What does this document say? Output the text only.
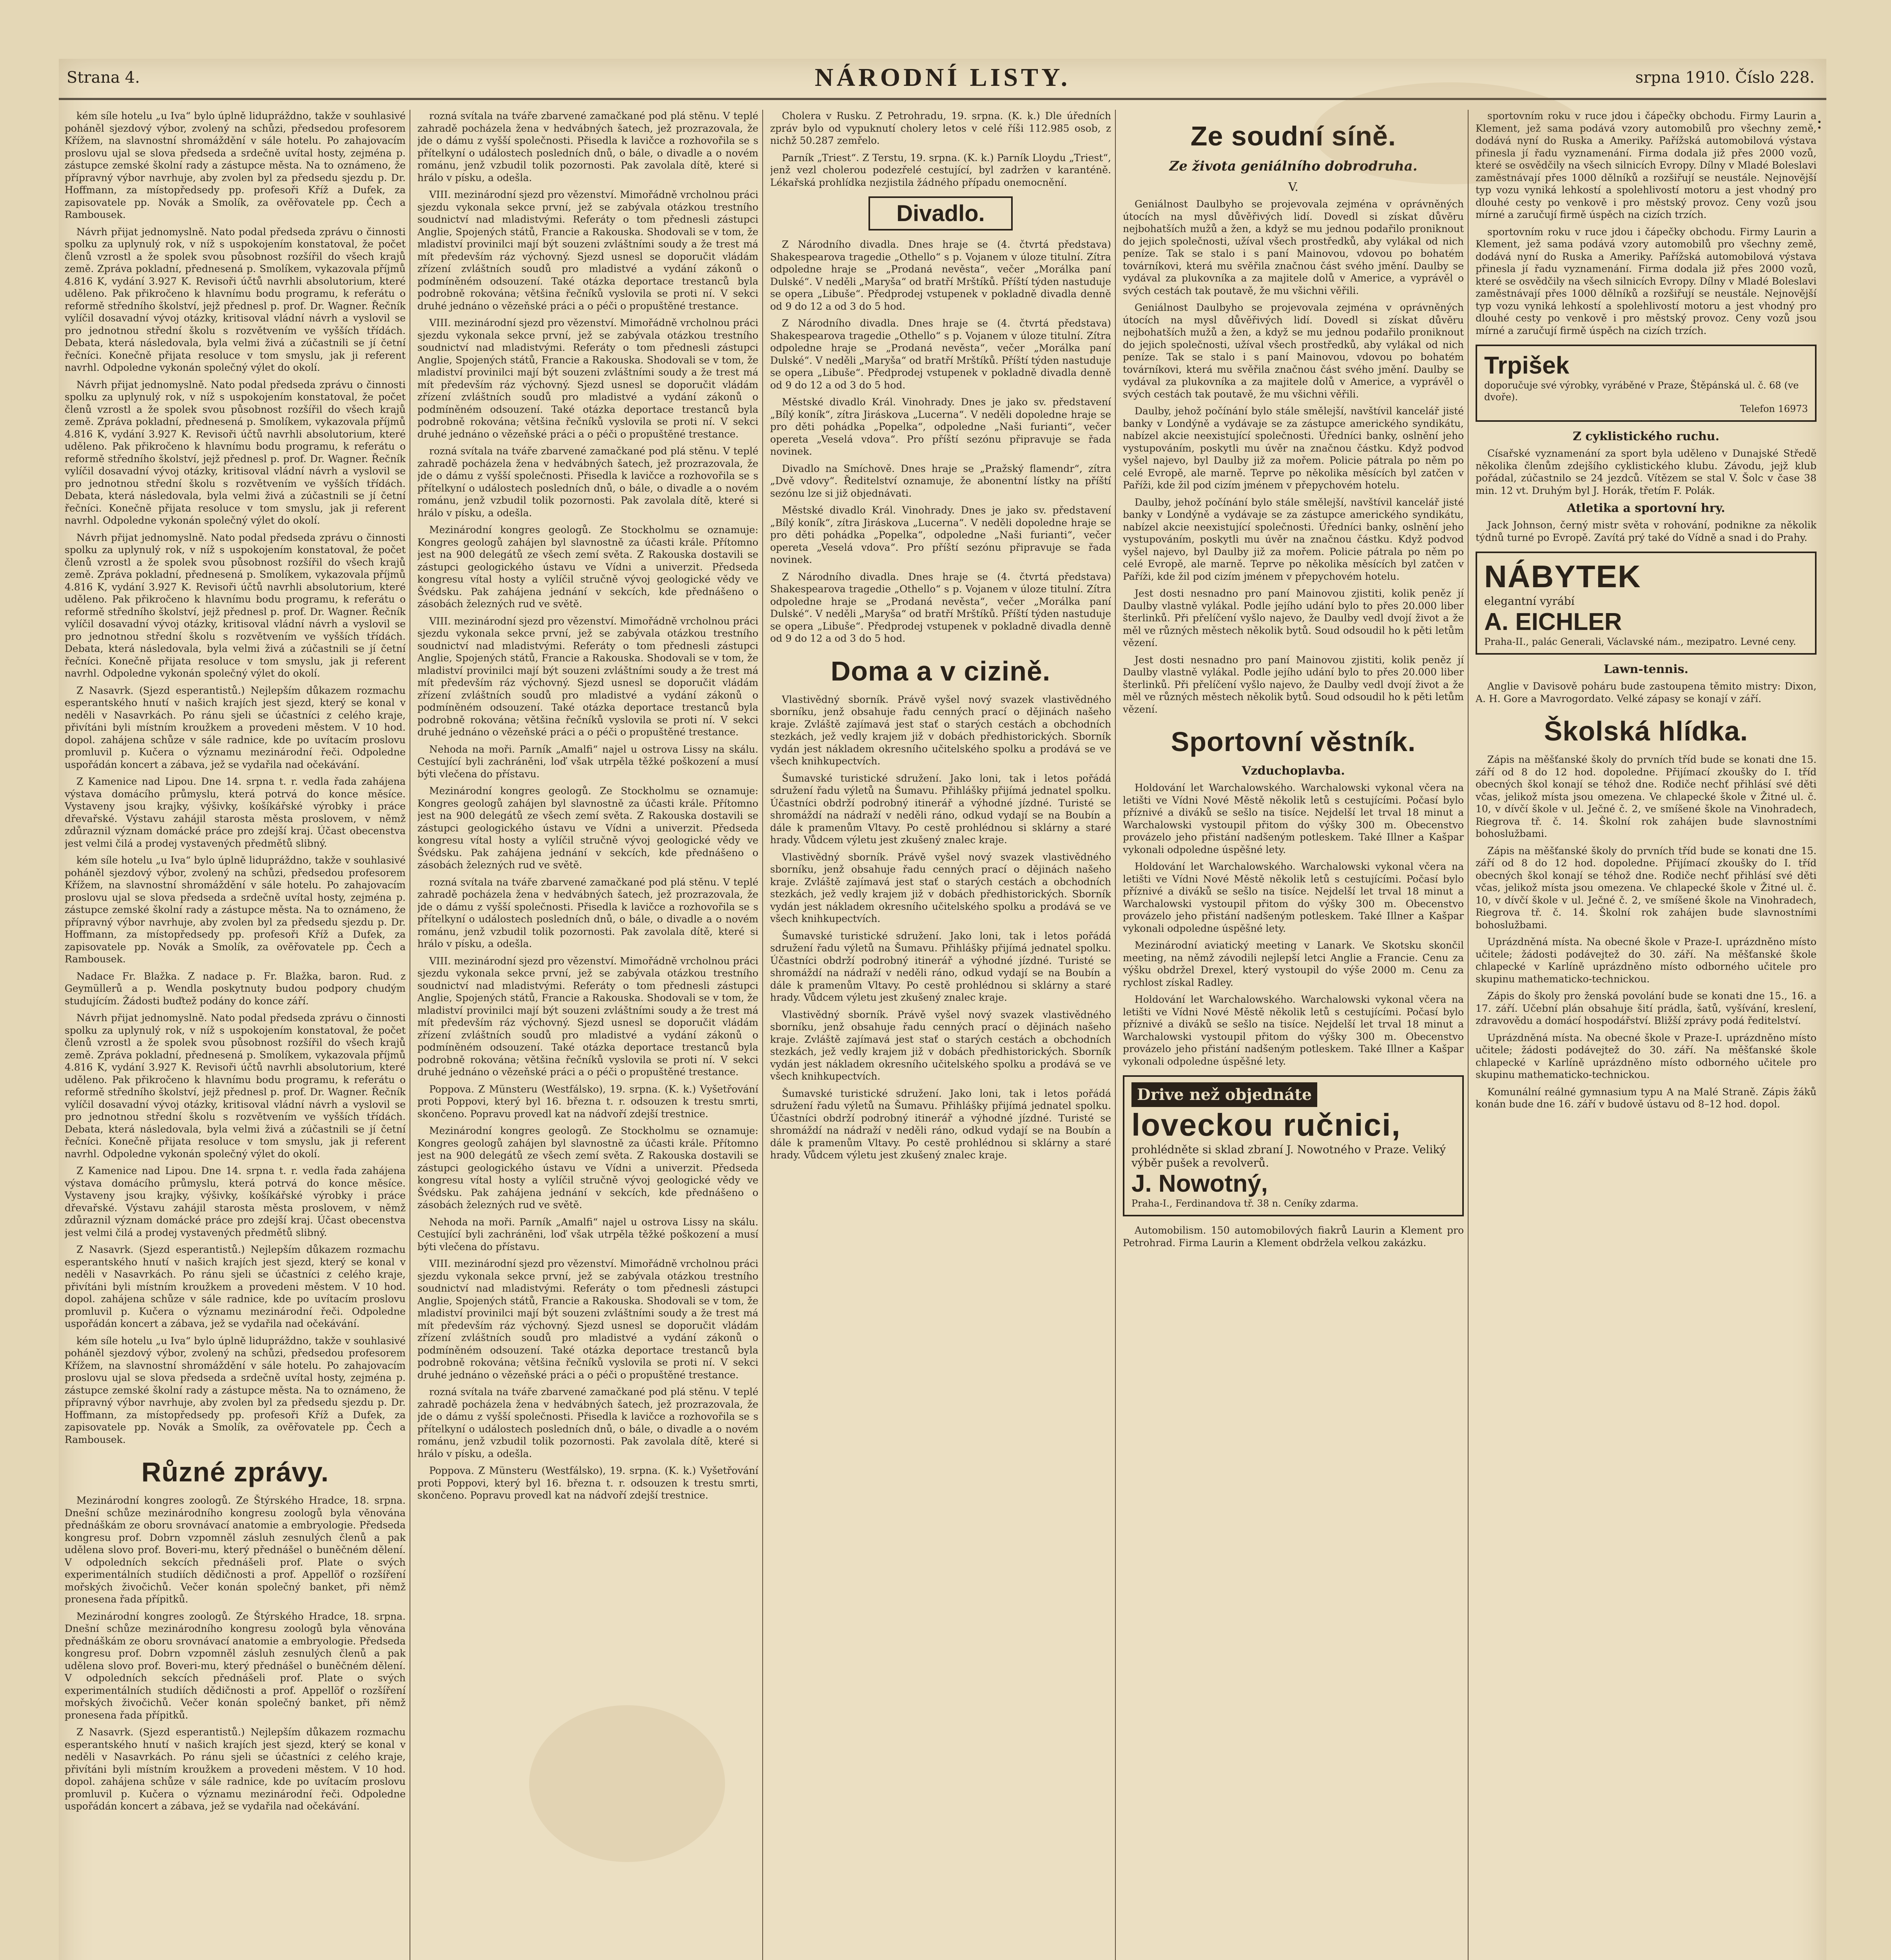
Strana 4.	NÁRODNÍ LISTY.	srpna 1910. Číslo 228.
:

kém síle hotelu „u Iva“ bylo úplně lidupráždno, takže v souhlasivé poháněl sjezdový výbor, zvolený na schůzi, předsedou profesorem Křížem, na slavnostní shromáždění v sále hotelu. Po zahajovacím proslovu ujal se slova předseda a srdečně uvítal hosty, zejména p. zástupce zemské školní rady a zástupce města. Na to oznámeno, že přípravný výbor navrhuje, aby zvolen byl za předsedu sjezdu p. Dr. Hoffmann, za místopředsedy pp. profesoři Kříž a Dufek, za zapisovatele pp. Novák a Smolík, za ověřovatele pp. Čech a Rambousek.

Návrh přijat jednomyslně. Nato podal předseda zprávu o činnosti spolku za uplynulý rok, v níž s uspokojením konstatoval, že počet členů vzrostl a že spolek svou působnost rozšířil do všech krajů země. Zpráva pokladní, přednesená p. Smolíkem, vykazovala příjmů 4.816 K, vydání 3.927 K. Revisoři účtů navrhli absolutorium, které uděleno. Pak přikročeno k hlavnímu bodu programu, k referátu o reformě středního školství, jejž přednesl p. prof. Dr. Wagner. Řečník vylíčil dosavadní vývoj otázky, kritisoval vládní návrh a vyslovil se pro jednotnou střední školu s rozvětvením ve vyšších třídách. Debata, která následovala, byla velmi živá a zúčastnili se jí četní řečníci. Konečně přijata resoluce v tom smyslu, jak ji referent navrhl. Odpoledne vykonán společný výlet do okolí.

Návrh přijat jednomyslně. Nato podal předseda zprávu o činnosti spolku za uplynulý rok, v níž s uspokojením konstatoval, že počet členů vzrostl a že spolek svou působnost rozšířil do všech krajů země. Zpráva pokladní, přednesená p. Smolíkem, vykazovala příjmů 4.816 K, vydání 3.927 K. Revisoři účtů navrhli absolutorium, které uděleno. Pak přikročeno k hlavnímu bodu programu, k referátu o reformě středního školství, jejž přednesl p. prof. Dr. Wagner. Řečník vylíčil dosavadní vývoj otázky, kritisoval vládní návrh a vyslovil se pro jednotnou střední školu s rozvětvením ve vyšších třídách. Debata, která následovala, byla velmi živá a zúčastnili se jí četní řečníci. Konečně přijata resoluce v tom smyslu, jak ji referent navrhl. Odpoledne vykonán společný výlet do okolí.

Návrh přijat jednomyslně. Nato podal předseda zprávu o činnosti spolku za uplynulý rok, v níž s uspokojením konstatoval, že počet členů vzrostl a že spolek svou působnost rozšířil do všech krajů země. Zpráva pokladní, přednesená p. Smolíkem, vykazovala příjmů 4.816 K, vydání 3.927 K. Revisoři účtů navrhli absolutorium, které uděleno. Pak přikročeno k hlavnímu bodu programu, k referátu o reformě středního školství, jejž přednesl p. prof. Dr. Wagner. Řečník vylíčil dosavadní vývoj otázky, kritisoval vládní návrh a vyslovil se pro jednotnou střední školu s rozvětvením ve vyšších třídách. Debata, která následovala, byla velmi živá a zúčastnili se jí četní řečníci. Konečně přijata resoluce v tom smyslu, jak ji referent navrhl. Odpoledne vykonán společný výlet do okolí.

Z Nasavrk. (Sjezd esperantistů.) Nejlepším důkazem rozmachu esperantského hnutí v našich krajích jest sjezd, který se konal v neděli v Nasavrkách. Po ránu sjeli se účastníci z celého kraje, přivítáni byli místním kroužkem a provedeni městem. V 10 hod. dopol. zahájena schůze v sále radnice, kde po uvítacím proslovu promluvil p. Kučera o významu mezinárodní řeči. Odpoledne uspořádán koncert a zábava, jež se vydařila nad očekávání.

Z Kamenice nad Lipou. Dne 14. srpna t. r. vedla řada zahájena výstava domácího průmyslu, která potrvá do konce měsíce. Vystaveny jsou krajky, výšivky, košíkářské výrobky i práce dřevařské. Výstavu zahájil starosta města proslovem, v němž zdůraznil význam domácké práce pro zdejší kraj. Účast obecenstva jest velmi čilá a prodej vystavených předmětů slibný.

kém síle hotelu „u Iva“ bylo úplně lidupráždno, takže v souhlasivé poháněl sjezdový výbor, zvolený na schůzi, předsedou profesorem Křížem, na slavnostní shromáždění v sále hotelu. Po zahajovacím proslovu ujal se slova předseda a srdečně uvítal hosty, zejména p. zástupce zemské školní rady a zástupce města. Na to oznámeno, že přípravný výbor navrhuje, aby zvolen byl za předsedu sjezdu p. Dr. Hoffmann, za místopředsedy pp. profesoři Kříž a Dufek, za zapisovatele pp. Novák a Smolík, za ověřovatele pp. Čech a Rambousek.

Nadace Fr. Blažka. Z nadace p. Fr. Blažka, baron. Rud. z Geymüllerů a p. Wendla poskytnuty budou podpory chudým studujícím. Žádosti buďtež podány do konce září.

Návrh přijat jednomyslně. Nato podal předseda zprávu o činnosti spolku za uplynulý rok, v níž s uspokojením konstatoval, že počet členů vzrostl a že spolek svou působnost rozšířil do všech krajů země. Zpráva pokladní, přednesená p. Smolíkem, vykazovala příjmů 4.816 K, vydání 3.927 K. Revisoři účtů navrhli absolutorium, které uděleno. Pak přikročeno k hlavnímu bodu programu, k referátu o reformě středního školství, jejž přednesl p. prof. Dr. Wagner. Řečník vylíčil dosavadní vývoj otázky, kritisoval vládní návrh a vyslovil se pro jednotnou střední školu s rozvětvením ve vyšších třídách. Debata, která následovala, byla velmi živá a zúčastnili se jí četní řečníci. Konečně přijata resoluce v tom smyslu, jak ji referent navrhl. Odpoledne vykonán společný výlet do okolí.

Z Kamenice nad Lipou. Dne 14. srpna t. r. vedla řada zahájena výstava domácího průmyslu, která potrvá do konce měsíce. Vystaveny jsou krajky, výšivky, košíkářské výrobky i práce dřevařské. Výstavu zahájil starosta města proslovem, v němž zdůraznil význam domácké práce pro zdejší kraj. Účast obecenstva jest velmi čilá a prodej vystavených předmětů slibný.

Z Nasavrk. (Sjezd esperantistů.) Nejlepším důkazem rozmachu esperantského hnutí v našich krajích jest sjezd, který se konal v neděli v Nasavrkách. Po ránu sjeli se účastníci z celého kraje, přivítáni byli místním kroužkem a provedeni městem. V 10 hod. dopol. zahájena schůze v sále radnice, kde po uvítacím proslovu promluvil p. Kučera o významu mezinárodní řeči. Odpoledne uspořádán koncert a zábava, jež se vydařila nad očekávání.

kém síle hotelu „u Iva“ bylo úplně lidupráždno, takže v souhlasivé poháněl sjezdový výbor, zvolený na schůzi, předsedou profesorem Křížem, na slavnostní shromáždění v sále hotelu. Po zahajovacím proslovu ujal se slova předseda a srdečně uvítal hosty, zejména p. zástupce zemské školní rady a zástupce města. Na to oznámeno, že přípravný výbor navrhuje, aby zvolen byl za předsedu sjezdu p. Dr. Hoffmann, za místopředsedy pp. profesoři Kříž a Dufek, za zapisovatele pp. Novák a Smolík, za ověřovatele pp. Čech a Rambousek.

Různé zprávy.

Mezinárodní kongres zoologů. Ze Štýrského Hradce, 18. srpna. Dnešní schůze mezinárodního kongresu zoologů byla věnována přednáškám ze oboru srovnávací anatomie a embryologie. Předseda kongresu prof. Dobrn vzpomněl zásluh zesnulých členů a pak udělena slovo prof. Boveri-mu, který přednášel o buněčném dělení. V odpoledních sekcích přednášeli prof. Plate o svých experimentálních studiích dědičnosti a prof. Appellöf o rozšíření mořských živočichů. Večer konán společný banket, při němž pronesena řada přípitků.

Mezinárodní kongres zoologů. Ze Štýrského Hradce, 18. srpna. Dnešní schůze mezinárodního kongresu zoologů byla věnována přednáškám ze oboru srovnávací anatomie a embryologie. Předseda kongresu prof. Dobrn vzpomněl zásluh zesnulých členů a pak udělena slovo prof. Boveri-mu, který přednášel o buněčném dělení. V odpoledních sekcích přednášeli prof. Plate o svých experimentálních studiích dědičnosti a prof. Appellöf o rozšíření mořských živočichů. Večer konán společný banket, při němž pronesena řada přípitků.

Z Nasavrk. (Sjezd esperantistů.) Nejlepším důkazem rozmachu esperantského hnutí v našich krajích jest sjezd, který se konal v neděli v Nasavrkách. Po ránu sjeli se účastníci z celého kraje, přivítáni byli místním kroužkem a provedeni městem. V 10 hod. dopol. zahájena schůze v sále radnice, kde po uvítacím proslovu promluvil p. Kučera o významu mezinárodní řeči. Odpoledne uspořádán koncert a zábava, jež se vydařila nad očekávání.

rozná svítala na tváře zbarvené zamačkané pod plá stěnu. V teplé zahradě pocházela žena v hedvábných šatech, jež prozrazovala, že jde o dámu z vyšší společnosti. Přisedla k lavičce a rozhovořila se s přítelkyní o událostech posledních dnů, o bále, o divadle a o novém románu, jenž vzbudil tolik pozornosti. Pak zavolala dítě, které si hrálo v písku, a odešla.

VIII. mezinárodní sjezd pro vězenství. Mimořádně vrcholnou práci sjezdu vykonala sekce první, jež se zabývala otázkou trestního soudnictví nad mladistvými. Referáty o tom přednesli zástupci Anglie, Spojených států, Francie a Rakouska. Shodovali se v tom, že mladiství provinilci mají být souzeni zvláštními soudy a že trest má mít především ráz výchovný. Sjezd usnesl se doporučit vládám zřízení zvláštních soudů pro mladistvé a vydání zákonů o podmíněném odsouzení. Také otázka deportace trestanců byla podrobně rokována; většina řečníků vyslovila se proti ní. V sekci druhé jednáno o vězeňské práci a o péči o propuštěné trestance.

VIII. mezinárodní sjezd pro vězenství. Mimořádně vrcholnou práci sjezdu vykonala sekce první, jež se zabývala otázkou trestního soudnictví nad mladistvými. Referáty o tom přednesli zástupci Anglie, Spojených států, Francie a Rakouska. Shodovali se v tom, že mladiství provinilci mají být souzeni zvláštními soudy a že trest má mít především ráz výchovný. Sjezd usnesl se doporučit vládám zřízení zvláštních soudů pro mladistvé a vydání zákonů o podmíněném odsouzení. Také otázka deportace trestanců byla podrobně rokována; většina řečníků vyslovila se proti ní. V sekci druhé jednáno o vězeňské práci a o péči o propuštěné trestance.

rozná svítala na tváře zbarvené zamačkané pod plá stěnu. V teplé zahradě pocházela žena v hedvábných šatech, jež prozrazovala, že jde o dámu z vyšší společnosti. Přisedla k lavičce a rozhovořila se s přítelkyní o událostech posledních dnů, o bále, o divadle a o novém románu, jenž vzbudil tolik pozornosti. Pak zavolala dítě, které si hrálo v písku, a odešla.

Mezinárodní kongres geologů. Ze Stockholmu se oznamuje: Kongres geologů zahájen byl slavnostně za účasti krále. Přítomno jest na 900 delegátů ze všech zemí světa. Z Rakouska dostavili se zástupci geologického ústavu ve Vídni a univerzit. Předseda kongresu vítal hosty a vylíčil stručně vývoj geologické vědy ve Švédsku. Pak zahájena jednání v sekcích, kde přednášeno o zásobách železných rud ve světě.

VIII. mezinárodní sjezd pro vězenství. Mimořádně vrcholnou práci sjezdu vykonala sekce první, jež se zabývala otázkou trestního soudnictví nad mladistvými. Referáty o tom přednesli zástupci Anglie, Spojených států, Francie a Rakouska. Shodovali se v tom, že mladiství provinilci mají být souzeni zvláštními soudy a že trest má mít především ráz výchovný. Sjezd usnesl se doporučit vládám zřízení zvláštních soudů pro mladistvé a vydání zákonů o podmíněném odsouzení. Také otázka deportace trestanců byla podrobně rokována; většina řečníků vyslovila se proti ní. V sekci druhé jednáno o vězeňské práci a o péči o propuštěné trestance.

Nehoda na moři. Parník „Amalfi“ najel u ostrova Lissy na skálu. Cestující byli zachráněni, loď však utrpěla těžké poškození a musí býti vlečena do přístavu.

Mezinárodní kongres geologů. Ze Stockholmu se oznamuje: Kongres geologů zahájen byl slavnostně za účasti krále. Přítomno jest na 900 delegátů ze všech zemí světa. Z Rakouska dostavili se zástupci geologického ústavu ve Vídni a univerzit. Předseda kongresu vítal hosty a vylíčil stručně vývoj geologické vědy ve Švédsku. Pak zahájena jednání v sekcích, kde přednášeno o zásobách železných rud ve světě.

rozná svítala na tváře zbarvené zamačkané pod plá stěnu. V teplé zahradě pocházela žena v hedvábných šatech, jež prozrazovala, že jde o dámu z vyšší společnosti. Přisedla k lavičce a rozhovořila se s přítelkyní o událostech posledních dnů, o bále, o divadle a o novém románu, jenž vzbudil tolik pozornosti. Pak zavolala dítě, které si hrálo v písku, a odešla.

VIII. mezinárodní sjezd pro vězenství. Mimořádně vrcholnou práci sjezdu vykonala sekce první, jež se zabývala otázkou trestního soudnictví nad mladistvými. Referáty o tom přednesli zástupci Anglie, Spojených států, Francie a Rakouska. Shodovali se v tom, že mladiství provinilci mají být souzeni zvláštními soudy a že trest má mít především ráz výchovný. Sjezd usnesl se doporučit vládám zřízení zvláštních soudů pro mladistvé a vydání zákonů o podmíněném odsouzení. Také otázka deportace trestanců byla podrobně rokována; většina řečníků vyslovila se proti ní. V sekci druhé jednáno o vězeňské práci a o péči o propuštěné trestance.

Poppova. Z Münsteru (Westfálsko), 19. srpna. (K. k.) Vyšetřování proti Poppovi, který byl 16. března t. r. odsouzen k trestu smrti, skončeno. Popravu provedl kat na nádvoří zdejší trestnice.

Mezinárodní kongres geologů. Ze Stockholmu se oznamuje: Kongres geologů zahájen byl slavnostně za účasti krále. Přítomno jest na 900 delegátů ze všech zemí světa. Z Rakouska dostavili se zástupci geologického ústavu ve Vídni a univerzit. Předseda kongresu vítal hosty a vylíčil stručně vývoj geologické vědy ve Švédsku. Pak zahájena jednání v sekcích, kde přednášeno o zásobách železných rud ve světě.

Nehoda na moři. Parník „Amalfi“ najel u ostrova Lissy na skálu. Cestující byli zachráněni, loď však utrpěla těžké poškození a musí býti vlečena do přístavu.

VIII. mezinárodní sjezd pro vězenství. Mimořádně vrcholnou práci sjezdu vykonala sekce první, jež se zabývala otázkou trestního soudnictví nad mladistvými. Referáty o tom přednesli zástupci Anglie, Spojených států, Francie a Rakouska. Shodovali se v tom, že mladiství provinilci mají být souzeni zvláštními soudy a že trest má mít především ráz výchovný. Sjezd usnesl se doporučit vládám zřízení zvláštních soudů pro mladistvé a vydání zákonů o podmíněném odsouzení. Také otázka deportace trestanců byla podrobně rokována; většina řečníků vyslovila se proti ní. V sekci druhé jednáno o vězeňské práci a o péči o propuštěné trestance.

rozná svítala na tváře zbarvené zamačkané pod plá stěnu. V teplé zahradě pocházela žena v hedvábných šatech, jež prozrazovala, že jde o dámu z vyšší společnosti. Přisedla k lavičce a rozhovořila se s přítelkyní o událostech posledních dnů, o bále, o divadle a o novém románu, jenž vzbudil tolik pozornosti. Pak zavolala dítě, které si hrálo v písku, a odešla.

Poppova. Z Münsteru (Westfálsko), 19. srpna. (K. k.) Vyšetřování proti Poppovi, který byl 16. března t. r. odsouzen k trestu smrti, skončeno. Popravu provedl kat na nádvoří zdejší trestnice.

Cholera v Rusku. Z Petrohradu, 19. srpna. (K. k.) Dle úředních zpráv bylo od vypuknutí cholery letos v celé říši 112.985 osob, z nichž 50.287 zemřelo.

Parník „Triest“. Z Terstu, 19. srpna. (K. k.) Parník Lloydu „Triest“, jenž vezl cholerou podezřelé cestující, byl zadržen v karanténě. Lékařská prohlídka nezjistila žádného případu onemocnění.

Divadlo.

Z Národního divadla. Dnes hraje se (4. čtvrtá představa) Shakespearova tragedie „Othello“ s p. Vojanem v úloze titulní. Zítra odpoledne hraje se „Prodaná nevěsta“, večer „Morálka paní Dulské“. V neděli „Maryša“ od bratří Mrštíků. Příští týden nastuduje se opera „Libuše“. Předprodej vstupenek v pokladně divadla denně od 9 do 12 a od 3 do 5 hod.

Z Národního divadla. Dnes hraje se (4. čtvrtá představa) Shakespearova tragedie „Othello“ s p. Vojanem v úloze titulní. Zítra odpoledne hraje se „Prodaná nevěsta“, večer „Morálka paní Dulské“. V neděli „Maryša“ od bratří Mrštíků. Příští týden nastuduje se opera „Libuše“. Předprodej vstupenek v pokladně divadla denně od 9 do 12 a od 3 do 5 hod.

Městské divadlo Král. Vinohrady. Dnes je jako sv. představení „Bílý koník“, zítra Jiráskova „Lucerna“. V neděli dopoledne hraje se pro děti pohádka „Popelka“, odpoledne „Naši furianti“, večer opereta „Veselá vdova“. Pro příští sezónu připravuje se řada novinek.

Divadlo na Smíchově. Dnes hraje se „Pražský flamendr“, zítra „Dvě vdovy“. Ředitelství oznamuje, že abonentní lístky na příští sezónu lze si již objednávati.

Městské divadlo Král. Vinohrady. Dnes je jako sv. představení „Bílý koník“, zítra Jiráskova „Lucerna“. V neděli dopoledne hraje se pro děti pohádka „Popelka“, odpoledne „Naši furianti“, večer opereta „Veselá vdova“. Pro příští sezónu připravuje se řada novinek.

Z Národního divadla. Dnes hraje se (4. čtvrtá představa) Shakespearova tragedie „Othello“ s p. Vojanem v úloze titulní. Zítra odpoledne hraje se „Prodaná nevěsta“, večer „Morálka paní Dulské“. V neděli „Maryša“ od bratří Mrštíků. Příští týden nastuduje se opera „Libuše“. Předprodej vstupenek v pokladně divadla denně od 9 do 12 a od 3 do 5 hod.

Doma a v cizině.

Vlastivědný sborník. Právě vyšel nový svazek vlastivědného sborníku, jenž obsahuje řadu cenných prací o dějinách našeho kraje. Zvláště zajímavá jest stať o starých cestách a obchodních stezkách, jež vedly krajem již v dobách předhistorických. Sborník vydán jest nákladem okresního učitelského spolku a prodává se ve všech knihkupectvích.

Šumavské turistické sdružení. Jako loni, tak i letos pořádá sdružení řadu výletů na Šumavu. Přihlášky přijímá jednatel spolku. Účastníci obdrží podrobný itinerář a výhodné jízdné. Turisté se shromáždí na nádraží v neděli ráno, odkud vydají se na Boubín a dále k pramenům Vltavy. Po cestě prohlédnou si sklárny a staré hrady. Vůdcem výletu jest zkušený znalec kraje.

Vlastivědný sborník. Právě vyšel nový svazek vlastivědného sborníku, jenž obsahuje řadu cenných prací o dějinách našeho kraje. Zvláště zajímavá jest stať o starých cestách a obchodních stezkách, jež vedly krajem již v dobách předhistorických. Sborník vydán jest nákladem okresního učitelského spolku a prodává se ve všech knihkupectvích.

Šumavské turistické sdružení. Jako loni, tak i letos pořádá sdružení řadu výletů na Šumavu. Přihlášky přijímá jednatel spolku. Účastníci obdrží podrobný itinerář a výhodné jízdné. Turisté se shromáždí na nádraží v neděli ráno, odkud vydají se na Boubín a dále k pramenům Vltavy. Po cestě prohlédnou si sklárny a staré hrady. Vůdcem výletu jest zkušený znalec kraje.

Vlastivědný sborník. Právě vyšel nový svazek vlastivědného sborníku, jenž obsahuje řadu cenných prací o dějinách našeho kraje. Zvláště zajímavá jest stať o starých cestách a obchodních stezkách, jež vedly krajem již v dobách předhistorických. Sborník vydán jest nákladem okresního učitelského spolku a prodává se ve všech knihkupectvích.

Šumavské turistické sdružení. Jako loni, tak i letos pořádá sdružení řadu výletů na Šumavu. Přihlášky přijímá jednatel spolku. Účastníci obdrží podrobný itinerář a výhodné jízdné. Turisté se shromáždí na nádraží v neděli ráno, odkud vydají se na Boubín a dále k pramenům Vltavy. Po cestě prohlédnou si sklárny a staré hrady. Vůdcem výletu jest zkušený znalec kraje.

Ze soudní síně.
Ze života geniálního dobrodruha.
V.

Geniálnost Daulbyho se projevovala zejména v oprávněných útocích na mysl důvěřivých lidí. Dovedl si získat důvěru nejbohatších mužů a žen, a když se mu jednou podařilo proniknout do jejich společnosti, užíval všech prostředků, aby vylákal od nich peníze. Tak se stalo i s paní Mainovou, vdovou po bohatém továrníkovi, která mu svěřila značnou část svého jmění. Daulby se vydával za plukovníka a za majitele dolů v Americe, a vyprávěl o svých cestách tak poutavě, že mu všichni věřili.

Geniálnost Daulbyho se projevovala zejména v oprávněných útocích na mysl důvěřivých lidí. Dovedl si získat důvěru nejbohatších mužů a žen, a když se mu jednou podařilo proniknout do jejich společnosti, užíval všech prostředků, aby vylákal od nich peníze. Tak se stalo i s paní Mainovou, vdovou po bohatém továrníkovi, která mu svěřila značnou část svého jmění. Daulby se vydával za plukovníka a za majitele dolů v Americe, a vyprávěl o svých cestách tak poutavě, že mu všichni věřili.

Daulby, jehož počínání bylo stále smělejší, navštívil kancelář jisté banky v Londýně a vydávaje se za zástupce amerického syndikátu, nabízel akcie neexistující společnosti. Úředníci banky, oslnění jeho vystupováním, poskytli mu úvěr na značnou částku. Když podvod vyšel najevo, byl Daulby již za mořem. Policie pátrala po něm po celé Evropě, ale marně. Teprve po několika měsících byl zatčen v Paříži, kde žil pod cizím jménem v přepychovém hotelu.

Daulby, jehož počínání bylo stále smělejší, navštívil kancelář jisté banky v Londýně a vydávaje se za zástupce amerického syndikátu, nabízel akcie neexistující společnosti. Úředníci banky, oslnění jeho vystupováním, poskytli mu úvěr na značnou částku. Když podvod vyšel najevo, byl Daulby již za mořem. Policie pátrala po něm po celé Evropě, ale marně. Teprve po několika měsících byl zatčen v Paříži, kde žil pod cizím jménem v přepychovém hotelu.

Jest dosti nesnadno pro paní Mainovou zjistiti, kolik peněz jí Daulby vlastně vylákal. Podle jejího udání bylo to přes 20.000 liber šterlinků. Při přelíčení vyšlo najevo, že Daulby vedl dvojí život a že měl ve různých městech několik bytů. Soud odsoudil ho k pěti letům vězení.

Jest dosti nesnadno pro paní Mainovou zjistiti, kolik peněz jí Daulby vlastně vylákal. Podle jejího udání bylo to přes 20.000 liber šterlinků. Při přelíčení vyšlo najevo, že Daulby vedl dvojí život a že měl ve různých městech několik bytů. Soud odsoudil ho k pěti letům vězení.

Sportovní věstník.
Vzduchoplavba.

Holdování let Warchalowského. Warchalowski vykonal včera na letišti ve Vídni Nové Městě několik letů s cestujícími. Počasí bylo příznivé a diváků se sešlo na tisíce. Nejdelší let trval 18 minut a Warchalowski vystoupil přitom do výšky 300 m. Obecenstvo provázelo jeho přistání nadšeným potleskem. Také Illner a Kašpar vykonali odpoledne úspěšné lety.

Holdování let Warchalowského. Warchalowski vykonal včera na letišti ve Vídni Nové Městě několik letů s cestujícími. Počasí bylo příznivé a diváků se sešlo na tisíce. Nejdelší let trval 18 minut a Warchalowski vystoupil přitom do výšky 300 m. Obecenstvo provázelo jeho přistání nadšeným potleskem. Také Illner a Kašpar vykonali odpoledne úspěšné lety.

Mezinárodní aviatický meeting v Lanark. Ve Skotsku skončil meeting, na němž závodili nejlepší letci Anglie a Francie. Cenu za výšku obdržel Drexel, který vystoupil do výše 2000 m. Cenu za rychlost získal Radley.

Holdování let Warchalowského. Warchalowski vykonal včera na letišti ve Vídni Nové Městě několik letů s cestujícími. Počasí bylo příznivé a diváků se sešlo na tisíce. Nejdelší let trval 18 minut a Warchalowski vystoupil přitom do výšky 300 m. Obecenstvo provázelo jeho přistání nadšeným potleskem. Také Illner a Kašpar vykonali odpoledne úspěšné lety.

Drive než objednáte loveckou ručnici,
prohlédněte si sklad zbraní J. Nowotného v Praze. Veliký výběr pušek a revolverů.
J. Nowotný,
Praha-I., Ferdinandova tř. 38 n. Ceníky zdarma.

Automobilism. 150 automobilových fiakrů Laurin a Klement pro Petrohrad. Firma Laurin a Klement obdržela velkou zakázku.

sportovním roku v ruce jdou i čápečky obchodu. Firmy Laurin a Klement, jež sama podává vzory automobilů pro všechny země, dodává nyní do Ruska a Ameriky. Pařížská automobilová výstava přinesla jí řadu vyznamenání. Firma dodala již přes 2000 vozů, které se osvědčily na všech silnicích Evropy. Dílny v Mladé Boleslavi zaměstnávají přes 1000 dělníků a rozšiřují se neustále. Nejnovější typ vozu vyniká lehkostí a spolehlivostí motoru a jest vhodný pro dlouhé cesty po venkově i pro městský provoz. Ceny vozů jsou mírné a zaručují firmě úspěch na cizích trzích.

sportovním roku v ruce jdou i čápečky obchodu. Firmy Laurin a Klement, jež sama podává vzory automobilů pro všechny země, dodává nyní do Ruska a Ameriky. Pařížská automobilová výstava přinesla jí řadu vyznamenání. Firma dodala již přes 2000 vozů, které se osvědčily na všech silnicích Evropy. Dílny v Mladé Boleslavi zaměstnávají přes 1000 dělníků a rozšiřují se neustále. Nejnovější typ vozu vyniká lehkostí a spolehlivostí motoru a jest vhodný pro dlouhé cesty po venkově i pro městský provoz. Ceny vozů jsou mírné a zaručují firmě úspěch na cizích trzích.

Trpišek
doporučuje své výrobky, vyráběné v Praze, Štěpánská ul. č. 68 (ve dvoře).
Telefon 16973
Z cyklistického ruchu.

Císařské vyznamenání za sport byla uděleno v Dunajské Středě několika členům zdejšího cyklistického klubu. Závodu, jejž klub pořádal, zúčastnilo se 24 jezdců. Vítězem se stal V. Šolc v čase 38 min. 12 vt. Druhým byl J. Horák, třetím F. Polák.

Atletika a sportovní hry.

Jack Johnson, černý mistr světa v rohování, podnikne za několik týdnů turné po Evropě. Zavítá prý také do Vídně a snad i do Prahy.

NÁBYTEK
elegantní vyrábí
A. EICHLER
Praha-II., palác Generali, Václavské nám., mezipatro. Levné ceny.
Lawn-tennis.

Anglie v Davisově poháru bude zastoupena těmito mistry: Dixon, A. H. Gore a Mavrogordato. Velké zápasy se konají v září.

Školská hlídka.

Zápis na měšťanské školy do prvních tříd bude se konati dne 15. září od 8 do 12 hod. dopoledne. Přijímací zkoušky do I. tříd obecných škol konají se téhož dne. Rodiče nechť přihlásí své děti včas, jelikož místa jsou omezena. Ve chlapecké škole v Žitné ul. č. 10, v dívčí škole v ul. Ječné č. 2, ve smíšené škole na Vinohradech, Riegrova tř. č. 14. Školní rok zahájen bude slavnostními bohoslužbami.

Zápis na měšťanské školy do prvních tříd bude se konati dne 15. září od 8 do 12 hod. dopoledne. Přijímací zkoušky do I. tříd obecných škol konají se téhož dne. Rodiče nechť přihlásí své děti včas, jelikož místa jsou omezena. Ve chlapecké škole v Žitné ul. č. 10, v dívčí škole v ul. Ječné č. 2, ve smíšené škole na Vinohradech, Riegrova tř. č. 14. Školní rok zahájen bude slavnostními bohoslužbami.

Uprázdněná místa. Na obecné škole v Praze-I. uprázdněno místo učitele; žádosti podávejtež do 30. září. Na měšťanské škole chlapecké v Karlíně uprázdněno místo odborného učitele pro skupinu mathematicko-technickou.

Zápis do školy pro ženská povolání bude se konati dne 15., 16. a 17. září. Učební plán obsahuje šití prádla, šatů, vyšívání, kreslení, zdravovědu a domácí hospodářství. Bližší zprávy podá ředitelství.

Uprázdněná místa. Na obecné škole v Praze-I. uprázdněno místo učitele; žádosti podávejtež do 30. září. Na měšťanské škole chlapecké v Karlíně uprázdněno místo odborného učitele pro skupinu mathematicko-technickou.

Komunální reálné gymnasium typu A na Malé Straně. Zápis žáků konán bude dne 16. září v budově ústavu od 8–12 hod. dopol.
